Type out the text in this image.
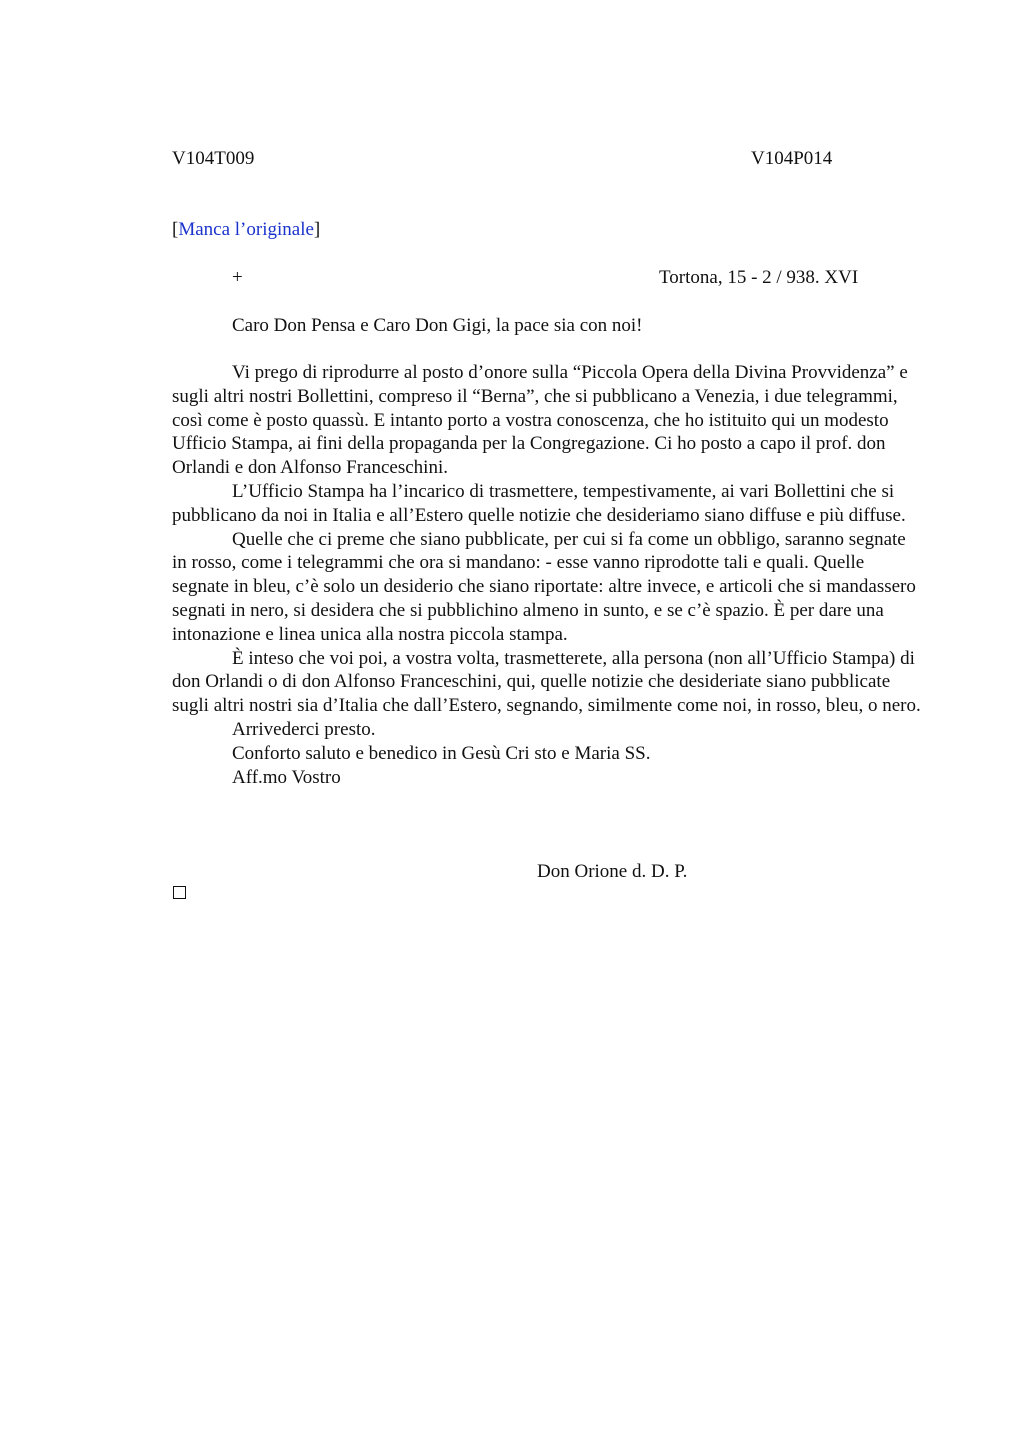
V104T009	V104P014
[Manca l’originale]
+	Tortona, 15 - 2 / 938. XVI
Caro Don Pensa e Caro Don Gigi, la pace sia con noi!

Vi prego di riprodurre al posto d’onore sulla “Piccola Opera della Divina Provvidenza” e sugli altri nostri Bollettini, compreso il “Berna”, che si pubblicano a Venezia, i due telegrammi, così come è posto quassù. E intanto porto a vostra conoscenza, che ho istituito qui un modesto Ufficio Stampa, ai fini della propaganda per la Congregazione. Ci ho posto a capo il prof. don Orlandi e don Alfonso Franceschini.

L’Ufficio Stampa ha l’incarico di trasmettere, tempestivamente, ai vari Bollettini che si pubblicano da noi in Italia e all’Estero quelle notizie che desideriamo siano diffuse e più diffuse.

Quelle che ci preme che siano pubblicate, per cui si fa come un obbligo, saranno segnate in rosso, come i telegrammi che ora si mandano: - esse vanno riprodotte tali e quali. Quelle segnate in bleu, c’è solo un desiderio che siano riportate: altre invece, e articoli che si mandassero segnati in nero, si desidera che si pubblichino almeno in sunto, e se c’è spazio. È per dare una intonazione e linea unica alla nostra piccola stampa.

È inteso che voi poi, a vostra volta, trasmetterete, alla persona (non all’Ufficio Stampa) di don Orlandi o di don Alfonso Franceschini, qui, quelle notizie che desideriate siano pubblicate sugli altri nostri sia d’Italia che dall’Estero, segnando, similmente come noi, in rosso, bleu, o nero.

Arrivederci presto.

Conforto saluto e benedico in Gesù Cri sto e Maria SS.

Aff.mo Vostro

Don Orione d. D. P.
